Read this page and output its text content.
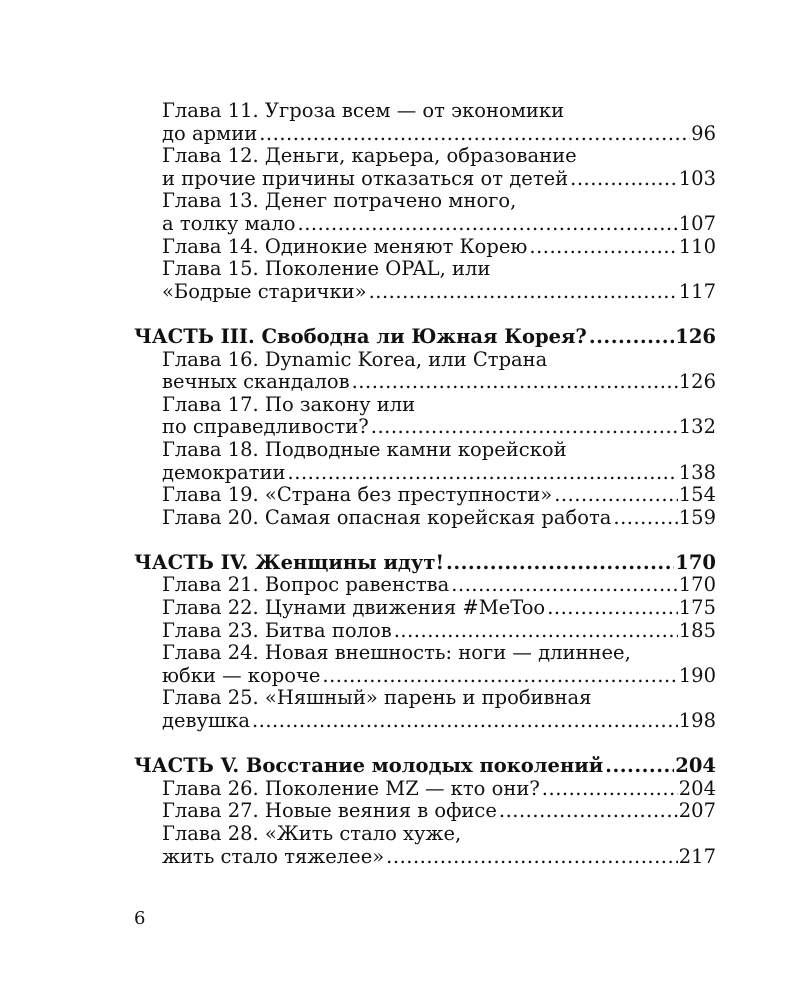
Глава 11. Угроза всем — от экономики
до армии .....	96
Глава 12. Деньги, карьера, образование
и прочие причины отказаться от детей .....	103
Глава 13. Денег потрачено много,
а толку мало .....	107
Глава 14. Одинокие меняют Корею .....	110
Глава 15. Поколение OPAL, или
«Бодрые старички» .....	117
ЧАСТЬ III. Свободна ли Южная Корея? .....	126
Глава 16. Dynamic Korea, или Страна
вечных скандалов .....	126
Глава 17. По закону или
по справедливости? .....	132
Глава 18. Подводные камни корейской
демократии .....	138
Глава 19. «Страна без преступности» .....	154
Глава 20. Самая опасная корейская работа .....	159
ЧАСТЬ IV. Женщины идут! .....	170
Глава 21. Вопрос равенства .....	170
Глава 22. Цунами движения #MeToo .....	175
Глава 23. Битва полов .....	185
Глава 24. Новая внешность: ноги — длиннее,
юбки — короче .....	190
Глава 25. «Няшный» парень и пробивная
девушка .....	198
ЧАСТЬ V. Восстание молодых поколений .....	204
Глава 26. Поколение MZ — кто они? .....	204
Глава 27. Новые веяния в офисе .....	207
Глава 28. «Жить стало хуже,
жить стало тяжелее» .....	217
6
